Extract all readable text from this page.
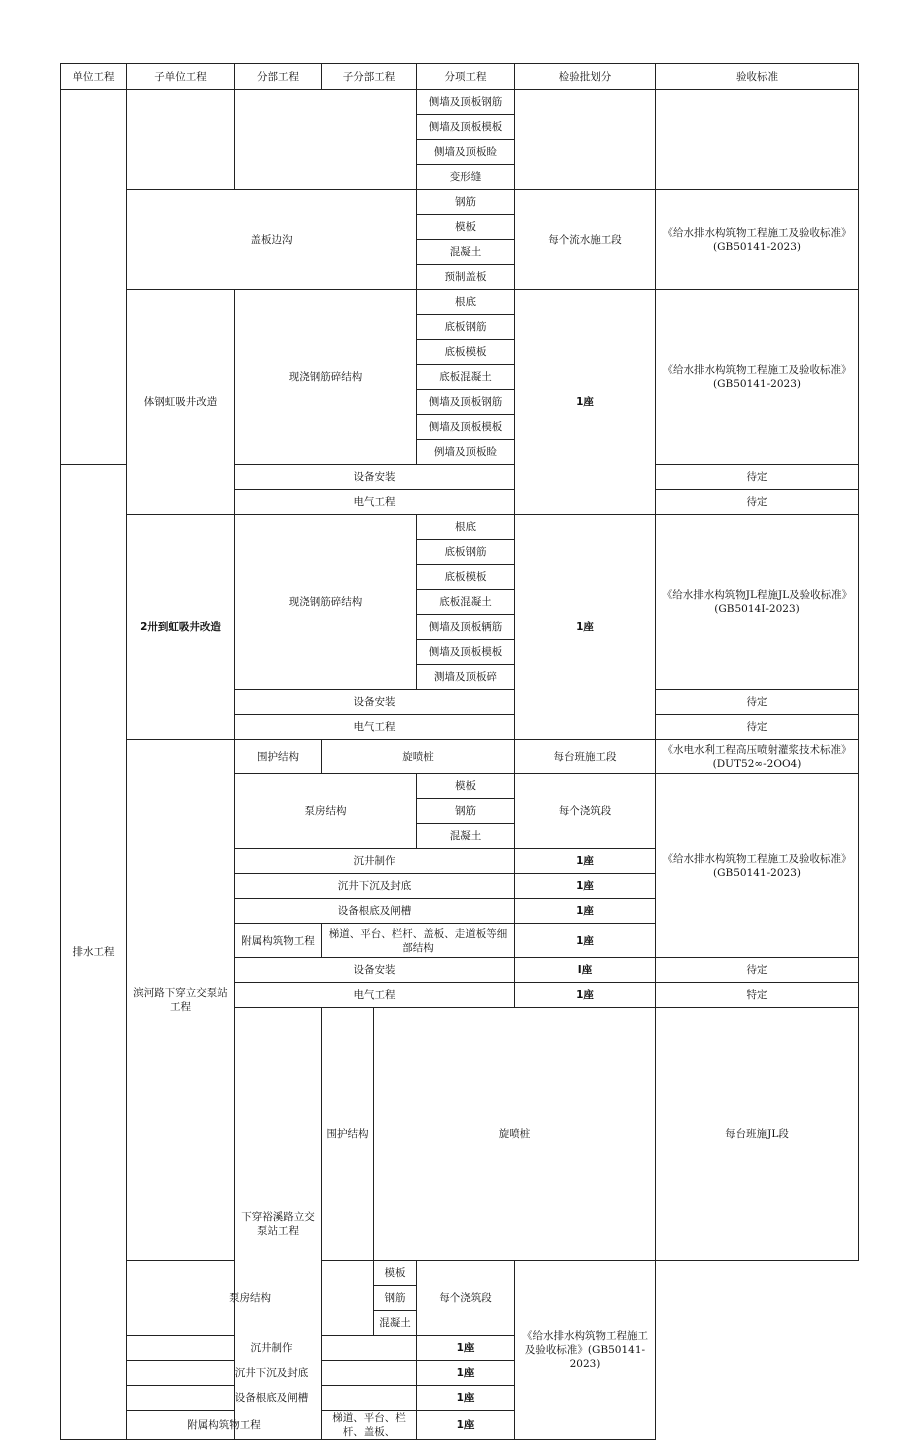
单位工程	子单位工程	分部工程	子分部工程		分项工程	检验批划分	验收标准	
					侧墙及顶板钢筋			
					侧墙及顶板模板			
					侧墙及顶板睑			
					变形缝			
	盖板边沟				钢筋	每个流水施工段	《给水排水构筑物工程施工及验收标准》(GB50141-2023)	
					模板			
					混凝土			
					预制盖板			
	体钢虹吸井改造	现浇钢筋碎结构			根底	1座	《给水排水构筑物工程施工及验收标准》(GB50141-2023)	
					底板钢筋			
					底板模板			
					底板混凝土			
					侧墙及顶板钢筋			
					侧墙及顶板模板			
					例墙及顶板睑			
排水工程		设备安装					待定	
		电气工程					待定	
	2卅到虹吸井改造	现浇钢筋碎结构			根底	1座	《给水排水构筑物JL程施JL及验收标准》(GB5014I-2023)	
					底板钢筋			
					底板模板			
					底板混凝土			
					侧墙及顶板辆筋			
					侧墙及顶板模板			
					测墙及顶板碎			
		设备安装					待定	
		电气工程					待定	
	滨河路下穿立交泵站工程	围护结构	旋喷桩			每台班施工段	《水电水利工程高压喷射灌浆技术标准》(DUT52∞-2OO4)	
		泵房结构			模板	每个浇筑段	《给水排水构筑物工程施工及验收标准》(GB50141-2023)	
					钢筋			
					混凝土			
		沉井制作				1座		
		沉井下沉及封底				1座		
		设备根底及闸槽				1座		
		附属构筑物工程	梯道、平台、栏杆、盖板、走道板等细部结构			1座		
		设备安装				I座	待定	
		电气工程				1座	特定	
		下穿裕溪路立交泵站工程	围护结构	旋喷桩			每台班施JL段	
	泵房结构			模板	每个浇筑段	《给水排水构筑物工程施工及验收标准》(GB50141-2023)		
				钢筋				
				混凝土				
	沉井制作				1座			
	沉井下沉及封底				1座			
	设备根底及闸槽				1座			
	附属构筑物工程		梯道、平台、栏杆、盖板、		1座			
